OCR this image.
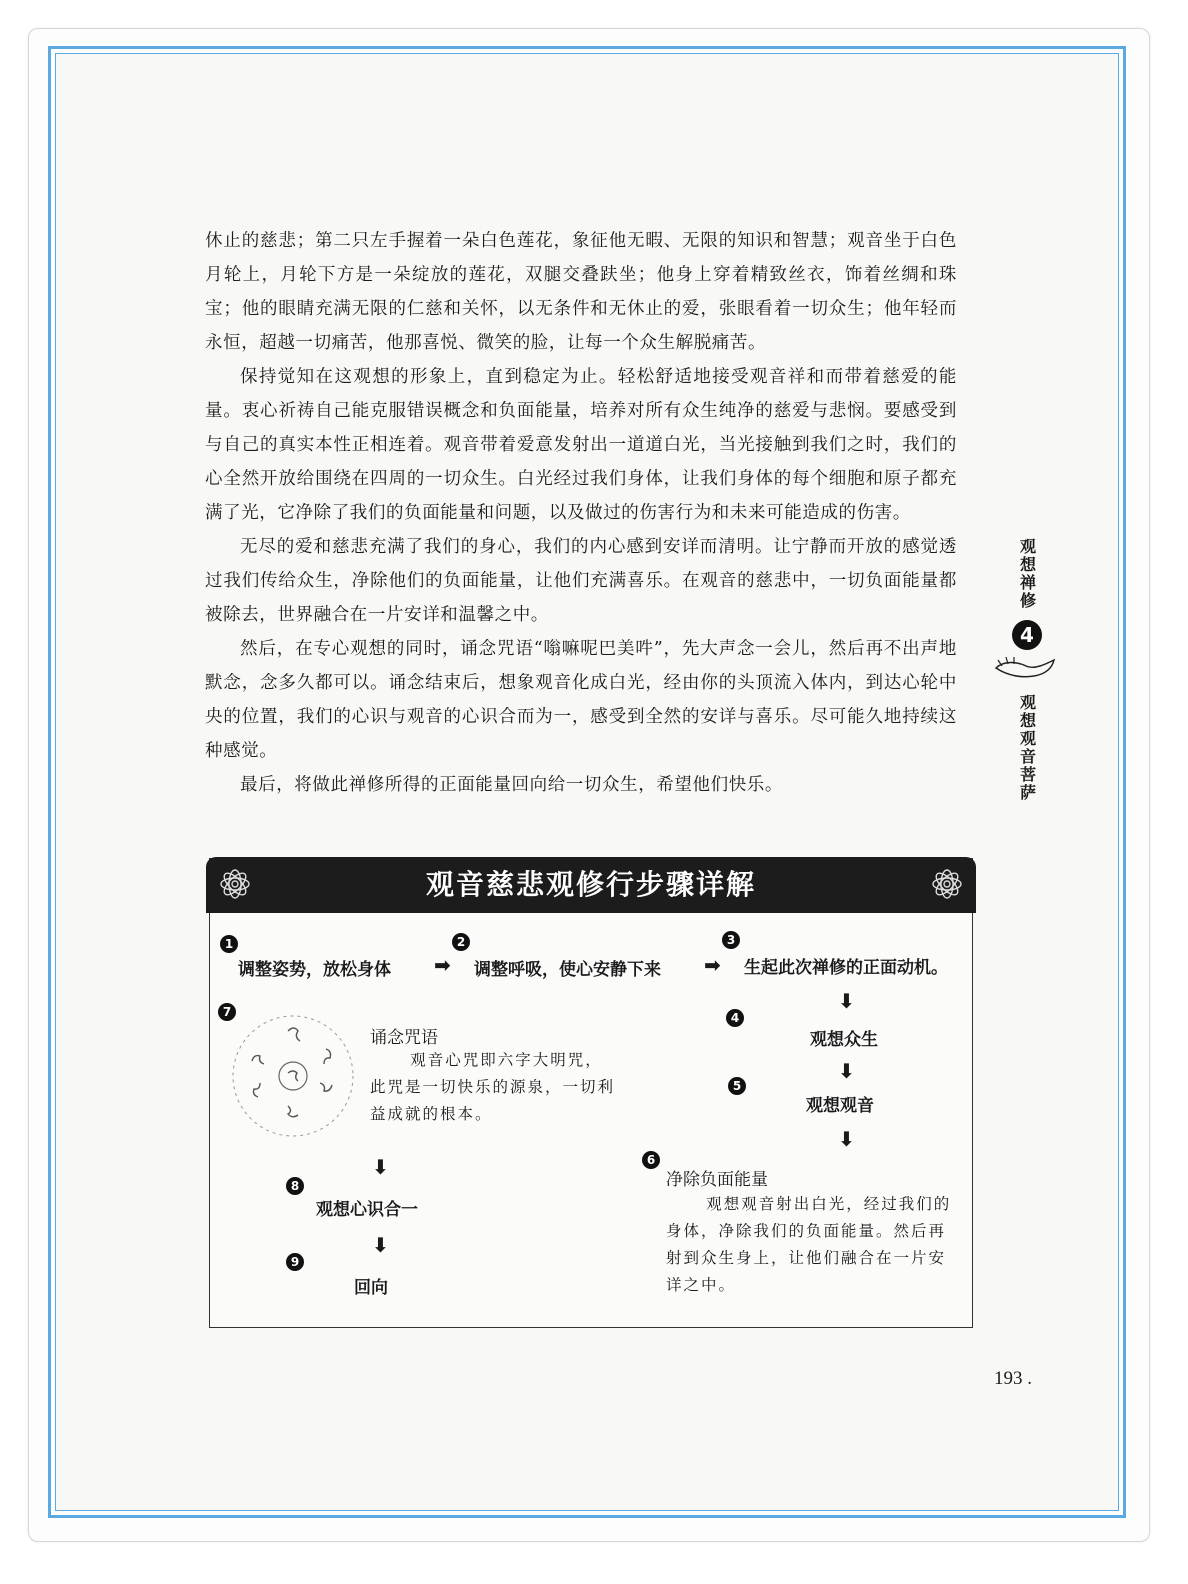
休止的慈悲；第二只左手握着一朵白色莲花，象征他无暇、无限的知识和智慧；观音坐于白色月轮上，月轮下方是一朵绽放的莲花，双腿交叠趺坐；他身上穿着精致丝衣，饰着丝绸和珠宝；他的眼睛充满无限的仁慈和关怀，以无条件和无休止的爱，张眼看着一切众生；他年轻而永恒，超越一切痛苦，他那喜悦、微笑的脸，让每一个众生解脱痛苦。

保持觉知在这观想的形象上，直到稳定为止。轻松舒适地接受观音祥和而带着慈爱的能量。衷心祈祷自己能克服错误概念和负面能量，培养对所有众生纯净的慈爱与悲悯。要感受到与自己的真实本性正相连着。观音带着爱意发射出一道道白光，当光接触到我们之时，我们的心全然开放给围绕在四周的一切众生。白光经过我们身体，让我们身体的每个细胞和原子都充满了光，它净除了我们的负面能量和问题，以及做过的伤害行为和未来可能造成的伤害。

无尽的爱和慈悲充满了我们的身心，我们的内心感到安详而清明。让宁静而开放的感觉透过我们传给众生，净除他们的负面能量，让他们充满喜乐。在观音的慈悲中，一切负面能量都被除去，世界融合在一片安详和温馨之中。

然后，在专心观想的同时，诵念咒语“嗡嘛呢巴美吽”，先大声念一会儿，然后再不出声地默念，念多久都可以。诵念结束后，想象观音化成白光，经由你的头顶流入体内，到达心轮中央的位置，我们的心识与观音的心识合而为一，感受到全然的安详与喜乐。尽可能久地持续这种感觉。

最后，将做此禅修所得的正面能量回向给一切众生，希望他们快乐。

观想禅修
4
观想观音菩萨
观音慈悲观修行步骤详解
1
调整姿势，放松身体 ➡
2
调整呼吸，使心安静下来 ➡
3
生起此次禅修的正面动机。
⬇
4
观想众生
⬇
5
观想观音
⬇
6
净除负面能量
观想观音射出白光，经过我们的身体，净除我们的负面能量。然后再射到众生身上，让他们融合在一片安详之中。
7
诵念咒语
观音心咒即六字大明咒，此咒是一切快乐的源泉，一切利益成就的根本。
⬇
8
观想心识合一
⬇
9
回向
193 .
